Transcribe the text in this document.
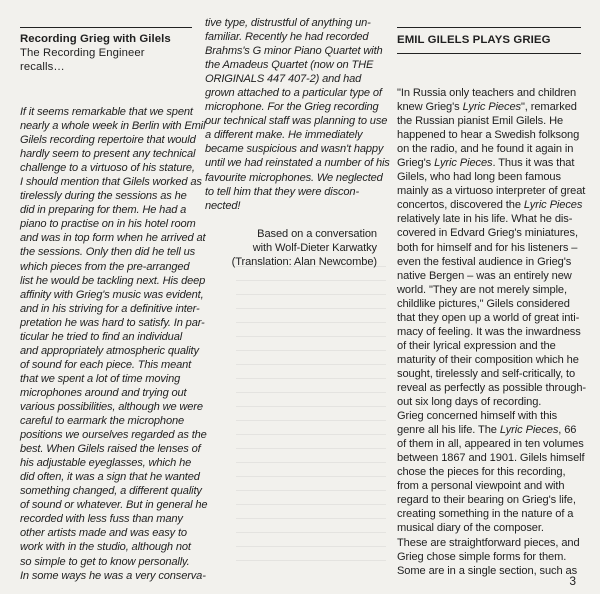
Recording Grieg with Gilels
The Recording Engineer recalls…
If it seems remarkable that we spent
nearly a whole week in Berlin with Emil
Gilels recording repertoire that would
hardly seem to present any technical
challenge to a virtuoso of his stature,
I should mention that Gilels worked as
tirelessly during the sessions as he
did in preparing for them. He had a
piano to practise on in his hotel room
and was in top form when he arrived at
the sessions. Only then did he tell us
which pieces from the pre-arranged
list he would be tackling next. His deep
affinity with Grieg's music was evident,
and in his striving for a definitive inter-
pretation he was hard to satisfy. In par-
ticular he tried to find an individual
and appropriately atmospheric quality
of sound for each piece. This meant
that we spent a lot of time moving
microphones around and trying out
various possibilities, although we were
careful to earmark the microphone
positions we ourselves regarded as the
best. When Gilels raised the lenses of
his adjustable eyeglasses, which he
did often, it was a sign that he wanted
something changed, a different quality
of sound or whatever. But in general he
recorded with less fuss than many
other artists made and was easy to
work with in the studio, although not
so simple to get to know personally.
In some ways he was a very conserva-
tive type, distrustful of anything un-
familiar. Recently he had recorded
Brahms's G minor Piano Quartet with
the Amadeus Quartet (now on THE
ORIGINALS 447 407-2) and had
grown attached to a particular type of
microphone. For the Grieg recording
our technical staff was planning to use
a different make. He immediately
became suspicious and wasn't happy
until we had reinstated a number of his
favourite microphones. We neglected
to tell him that they were discon-
nected!
Based on a conversation
with Wolf-Dieter Karwatky
(Translation: Alan Newcombe)
EMIL GILELS PLAYS GRIEG
"In Russia only teachers and children
knew Grieg's Lyric Pieces", remarked
the Russian pianist Emil Gilels. He
happened to hear a Swedish folksong
on the radio, and he found it again in
Grieg's Lyric Pieces. Thus it was that
Gilels, who had long been famous
mainly as a virtuoso interpreter of great
concertos, discovered the Lyric Pieces
relatively late in his life. What he dis-
covered in Edvard Grieg's miniatures,
both for himself and for his listeners –
even the festival audience in Grieg's
native Bergen – was an entirely new
world. "They are not merely simple,
childlike pictures," Gilels considered
that they open up a world of great inti-
macy of feeling. It was the inwardness
of their lyrical expression and the
maturity of their composition which he
sought, tirelessly and self-critically, to
reveal as perfectly as possible through-
out six long days of recording.
Grieg concerned himself with this
genre all his life. The Lyric Pieces, 66
of them in all, appeared in ten volumes
between 1867 and 1901. Gilels himself
chose the pieces for this recording,
from a personal viewpoint and with
regard to their bearing on Grieg's life,
creating something in the nature of a
musical diary of the composer.
These are straightforward pieces, and
Grieg chose simple forms for them.
Some are in a single section, such as
3
